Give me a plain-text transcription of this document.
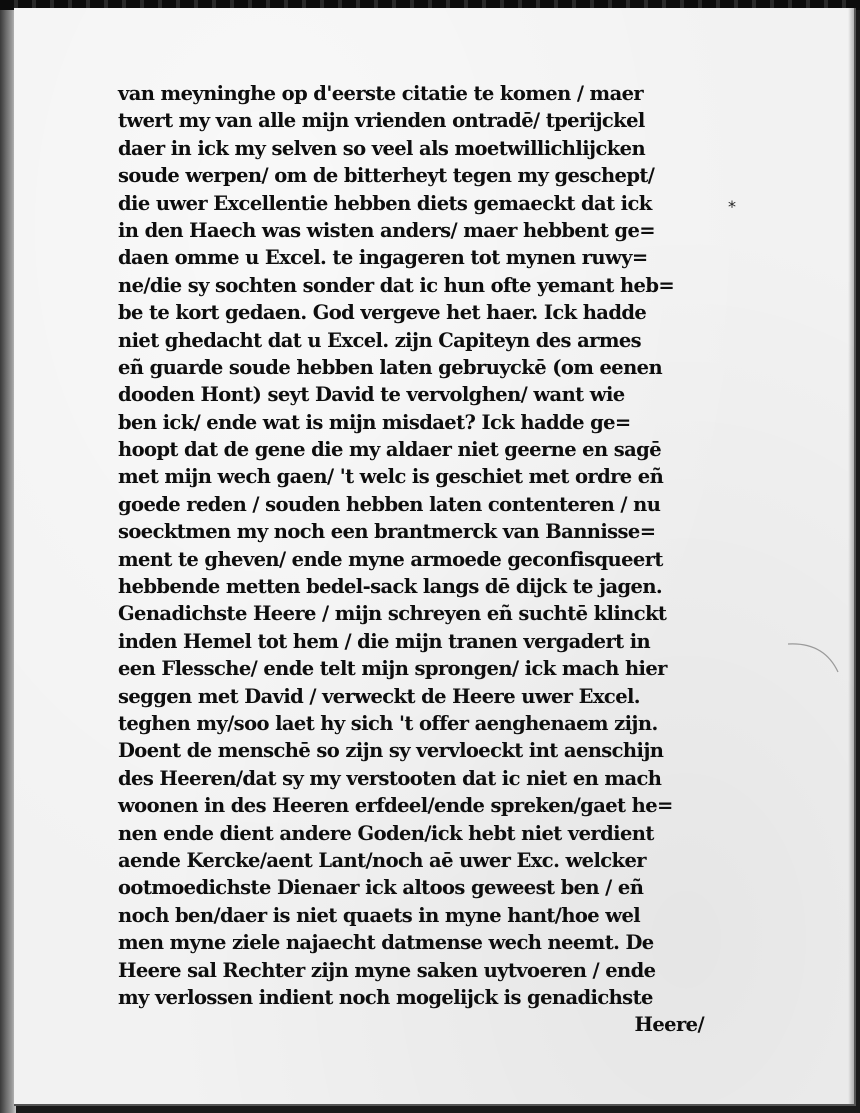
van meyninghe op d'eerste citatie te komen / maer
twert my van alle mijn vrienden ontradē/ tperijckel
daer in ick my selven so veel als moetwillichlijcken
soude werpen/ om de bitterheyt tegen my geschept/
die uwer Excellentie hebben diets gemaeckt dat ick
in den Haech was wisten anders/ maer hebbent ge=
daen omme u Excel. te ingageren tot mynen ruwy=
ne/die sy sochten sonder dat ic hun ofte yemant heb=
be te kort gedaen. God vergeve het haer. Ick hadde
niet ghedacht dat u Excel. zijn Capiteyn des armes
eñ guarde soude hebben laten gebruyckē (om eenen
dooden Hont) seyt David te vervolghen/ want wie
ben ick/ ende wat is mijn misdaet? Ick hadde ge=
hoopt dat de gene die my aldaer niet geerne en sagē
met mijn wech gaen/ 't welc is geschiet met ordre eñ
goede reden / souden hebben laten contenteren / nu
soecktmen my noch een brantmerck van Bannisse=
ment te gheven/ ende myne armoede geconfisqueert
hebbende metten bedel-sack langs dē dijck te jagen.
Genadichste Heere / mijn schreyen eñ suchtē klinckt
inden Hemel tot hem / die mijn tranen vergadert in
een Flessche/ ende telt mijn sprongen/ ick mach hier
seggen met David / verweckt de Heere uwer Excel.
teghen my/soo laet hy sich 't offer aenghenaem zijn.
Doent de menschē so zijn sy vervloeckt int aenschijn
des Heeren/dat sy my verstooten dat ic niet en mach
woonen in des Heeren erfdeel/ende spreken/gaet he=
nen ende dient andere Goden/ick hebt niet verdient
aende Kercke/aent Lant/noch aē uwer Exc. welcker
ootmoedichste Dienaer ick altoos geweest ben / eñ
noch ben/daer is niet quaets in myne hant/hoe wel
men myne ziele najaecht datmense wech neemt. De
Heere sal Rechter zijn myne saken uytvoeren / ende
my verlossen indient noch mogelijck is genadichste
Heere/
*
